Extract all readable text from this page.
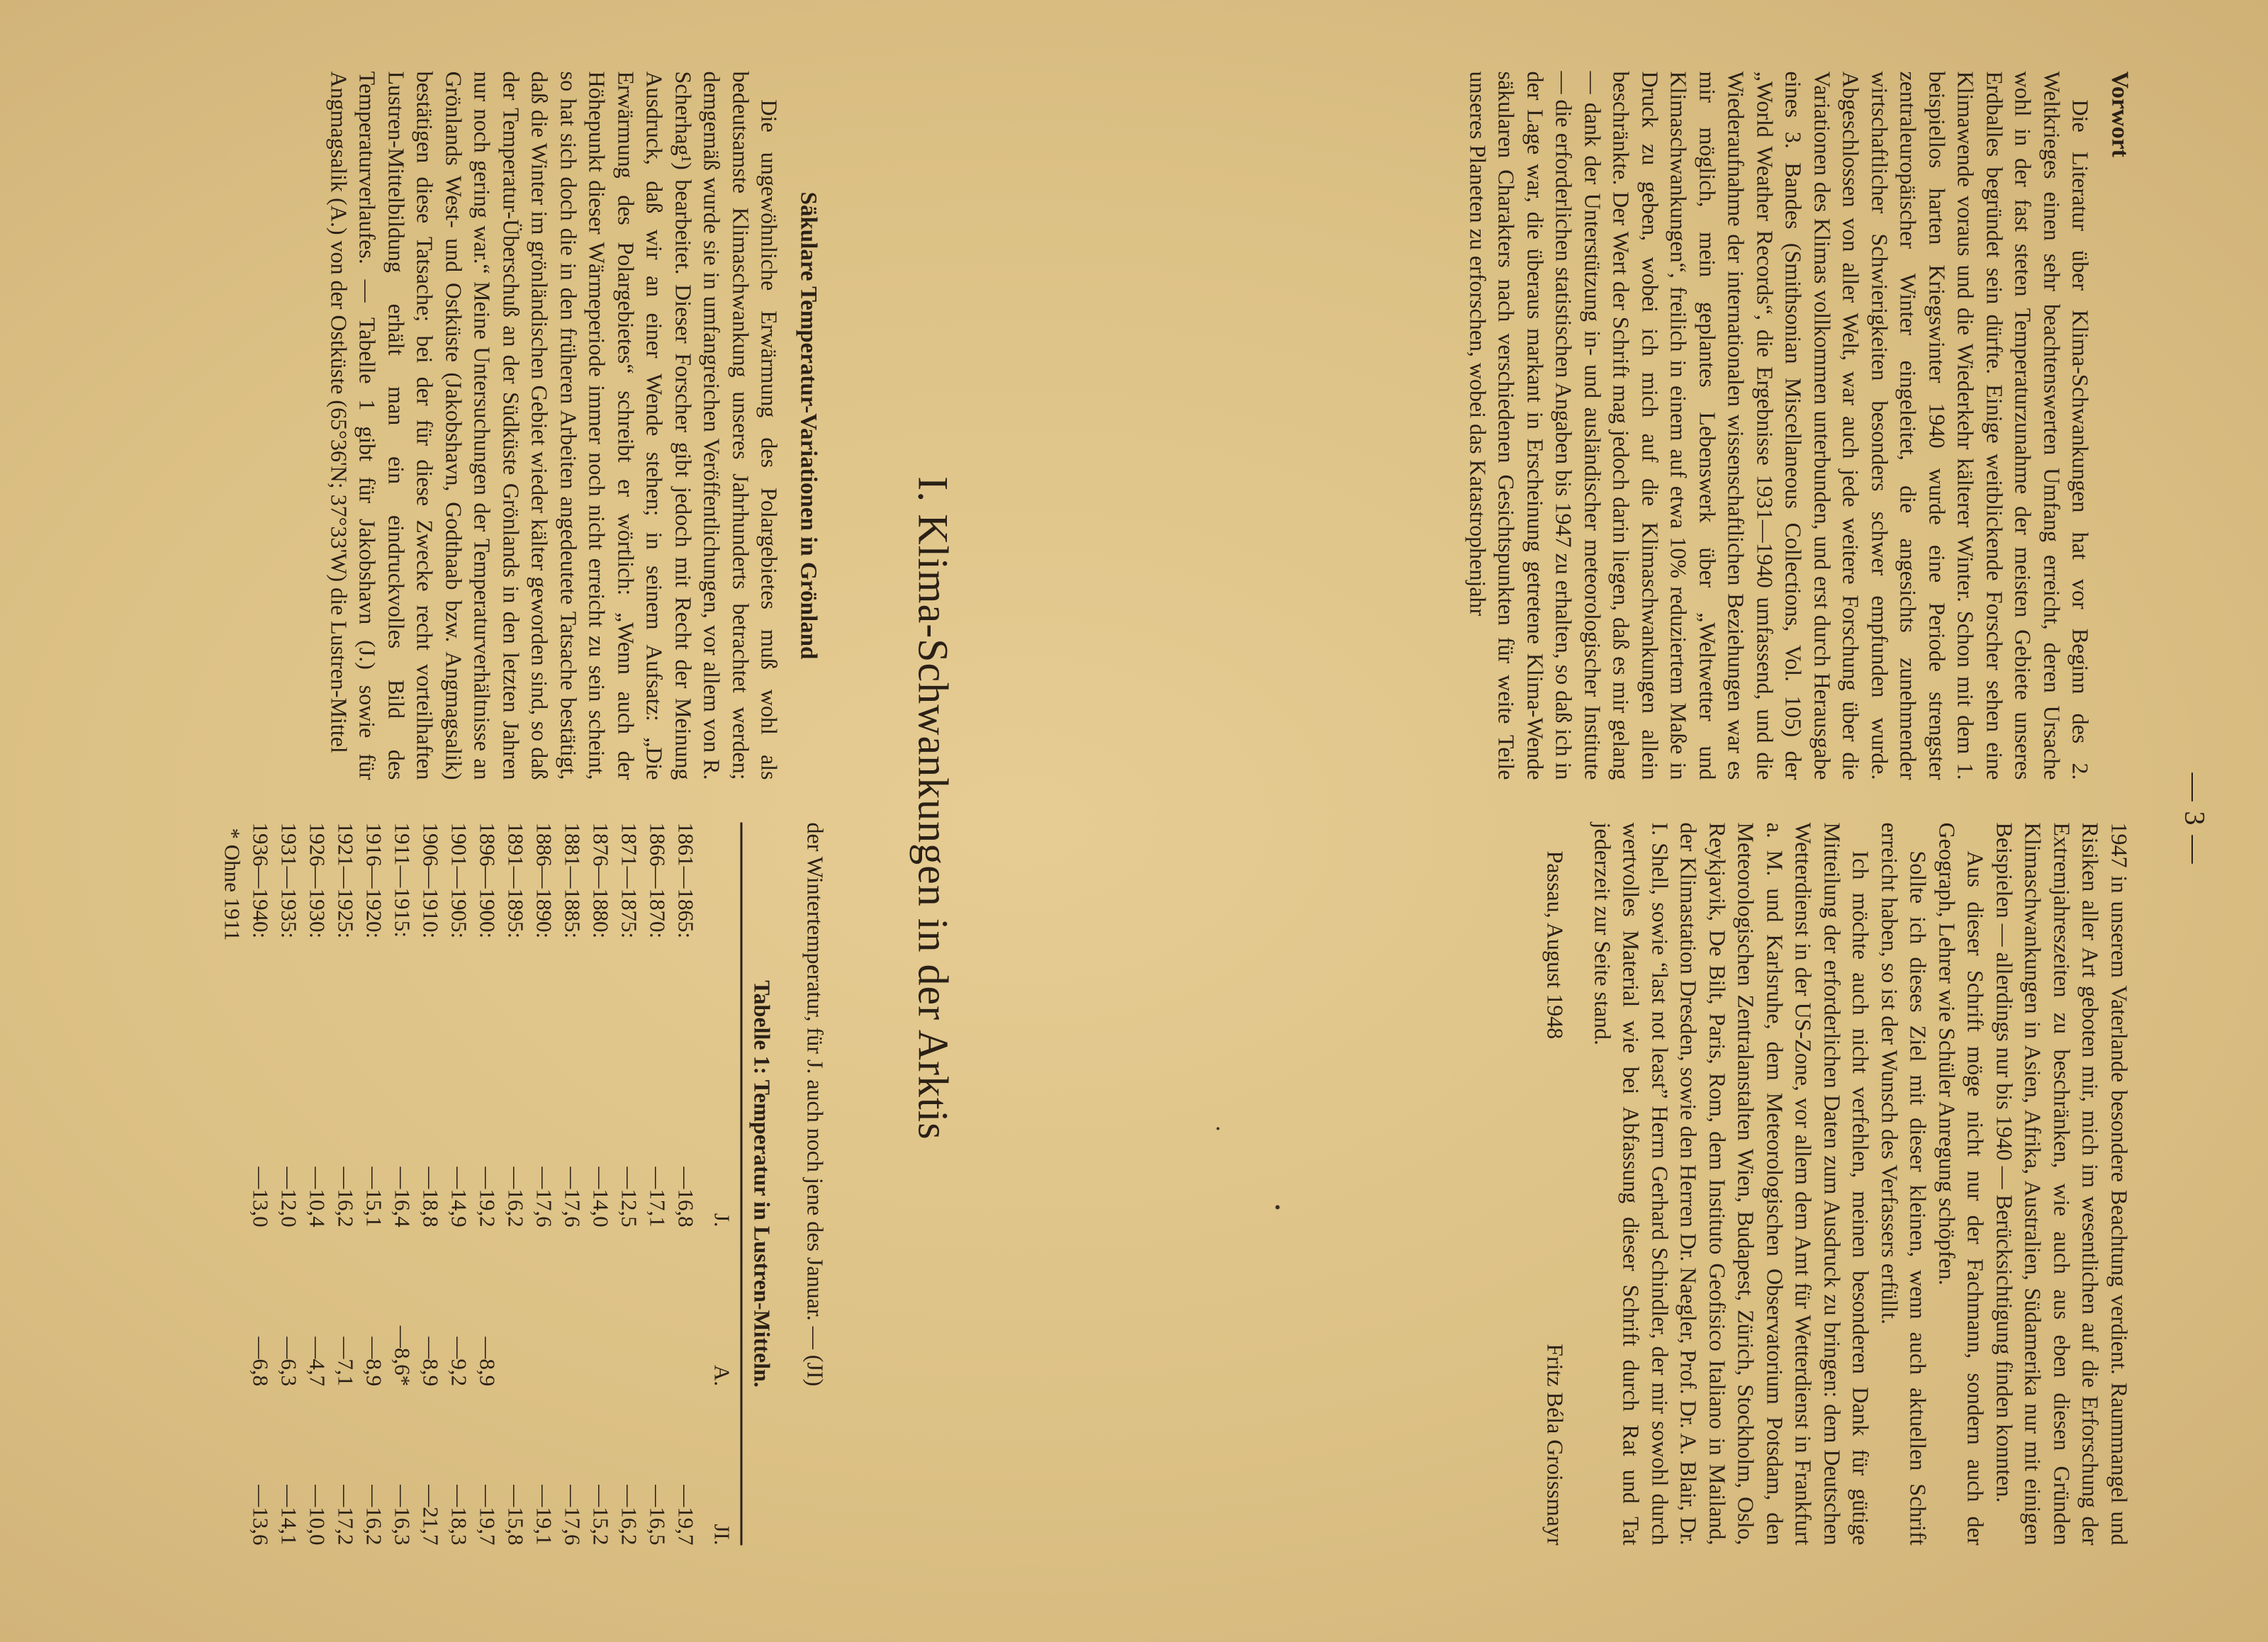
— 3 —
Vorwort

Die Literatur über Klima-Schwankungen hat vor Beginn des 2. Weltkrieges einen sehr beachtenswerten Umfang erreicht, deren Ursache wohl in der fast steten Temperaturzunahme der meisten Gebiete unseres Erdballes begründet sein dürfte. Einige weitblickende Forscher sehen eine Klimawende voraus und die Wiederkehr kälterer Winter. Schon mit dem 1. beispiellos harten Kriegswinter 1940 wurde eine Periode strengster zentraleuropäischer Winter eingeleitet, die angesichts zunehmender wirtschaftlicher Schwierigkeiten besonders schwer empfunden wurde. Abgeschlossen von aller Welt, war auch jede weitere Forschung über die Variationen des Klimas vollkommen unterbunden, und erst durch Herausgabe eines 3. Bandes (Smithsonian Miscellaneous Collections, Vol. 105) der „World Weather Records“, die Ergebnisse 1931—1940 umfassend, und die Wiederaufnahme der internationalen wissenschaftlichen Beziehungen war es mir möglich, mein geplantes Lebenswerk über „Weltwetter und Klimaschwankungen“, freilich in einem auf etwa 10% reduziertem Maße in Druck zu geben, wobei ich mich auf die Klimaschwankungen allein beschränkte. Der Wert der Schrift mag jedoch darin liegen, daß es mir gelang — dank der Unterstützung in- und ausländischer meteorologischer Institute — die erforderlichen statistischen Angaben bis 1947 zu erhalten, so daß ich in der Lage war, die überaus markant in Erscheinung getretene Klima-Wende säkularen Charakters nach verschiedenen Gesichtspunkten für weite Teile unseres Planeten zu erforschen, wobei das Katastrophenjahr

1947 in unserem Vaterlande besondere Beachtung verdient. Raummangel und Risiken aller Art geboten mir, mich im wesentlichen auf die Erforschung der Extremjahreszeiten zu beschränken, wie auch aus eben diesen Gründen Klimaschwankungen in Asien, Afrika, Australien, Südamerika nur mit einigen Beispielen — allerdings nur bis 1940 — Berücksichtigung finden konnten.

Aus dieser Schrift möge nicht nur der Fachmann, sondern auch der Geograph, Lehrer wie Schüler Anregung schöpfen.

Sollte ich dieses Ziel mit dieser kleinen, wenn auch aktuellen Schrift erreicht haben, so ist der Wunsch des Verfassers erfüllt.

Ich möchte auch nicht verfehlen, meinen besonderen Dank für gütige Mitteilung der erforderlichen Daten zum Ausdruck zu bringen: dem Deutschen Wetterdienst in der US-Zone, vor allem dem Amt für Wetterdienst in Frankfurt a. M. und Karlsruhe, dem Meteorologischen Observatorium Potsdam, den Meteorologischen Zentralanstalten Wien, Budapest, Zürich, Stockholm, Oslo, Reykjavik, De Bilt, Paris, Rom, dem Instituto Geofisico Italiano in Mailand, der Klimastation Dresden, sowie den Herren Dr. Naegler, Prof. Dr. A. Blair, Dr. I. Shell, sowie “last not least” Herrn Gerhard Schindler, der mir sowohl durch wertvolles Material wie bei Abfassung dieser Schrift durch Rat und Tat jederzeit zur Seite stand.

Passau, August 1948
Fritz Béla Groissmayr
I. Klima-Schwankungen in der Arktis
Säkulare Temperatur-Variationen in Grönland

Die ungewöhnliche Erwärmung des Polargebietes muß wohl als bedeutsamste Klimaschwankung unseres Jahrhunderts betrachtet werden; demgemäß wurde sie in umfangreichen Veröffentlichungen, vor allem von R. Scherhag¹) bearbeitet. Dieser Forscher gibt jedoch mit Recht der Meinung Ausdruck, daß wir an einer Wende stehen; in seinem Aufsatz: „Die Erwärmung des Polargebietes“ schreibt er wörtlich: „Wenn auch der Höhepunkt dieser Wärmeperiode immer noch nicht erreicht zu sein scheint, so hat sich doch die in den früheren Arbeiten angedeutete Tatsache bestätigt, daß die Winter im grönländischen Gebiet wieder kälter geworden sind, so daß der Temperatur-Überschuß an der Südküste Grönlands in den letzten Jahren nur noch gering war.“ Meine Untersuchungen der Temperaturverhältnisse an Grönlands West- und Ostküste (Jakobshavn, Godthaab bzw. Angmagsalik) bestätigen diese Tatsache; bei der für diese Zwecke recht vorteilhaften Lustren-Mittelbildung erhält man ein eindruckvolles Bild des Temperaturverlaufes. — Tabelle 1 gibt für Jakobshavn (J.) sowie für Angmagsalik (A.) von der Ostküste (65°36'N; 37°33'W) die Lustren-Mittel

der Wintertemperatur, für J. auch noch jene des Januar. — (JI)

Tabelle 1: Temperatur in Lustren-Mitteln.
	J.	A.	JI.
1861—1865:	—16,8		—19,7
1866—1870:	—17,1		—16,5
1871—1875:	—12,5		—16,2
1876—1880:	—14,0		—15,2
1881—1885:	—17,6		—17,6
1886—1890:	—17,6		—19,1
1891—1895:	—16,2		—15,8
1896—1900:	—19,2	—8,9	—19,7
1901—1905:	—14,9	—9,2	—18,3
1906—1910:	—18,8	—8,9	—21,7
1911—1915:	—16,4	—8,6*	—16,3
1916—1920:	—15,1	—8,9	—16,2
1921—1925:	—16,2	—7,1	—17,2
1926—1930:	—10,4	—4,7	—10,0
1931—1935:	—12,0	—6,3	—14,1
1936—1940:	—13,0	—6,8	—13,6
* Ohne 1911
